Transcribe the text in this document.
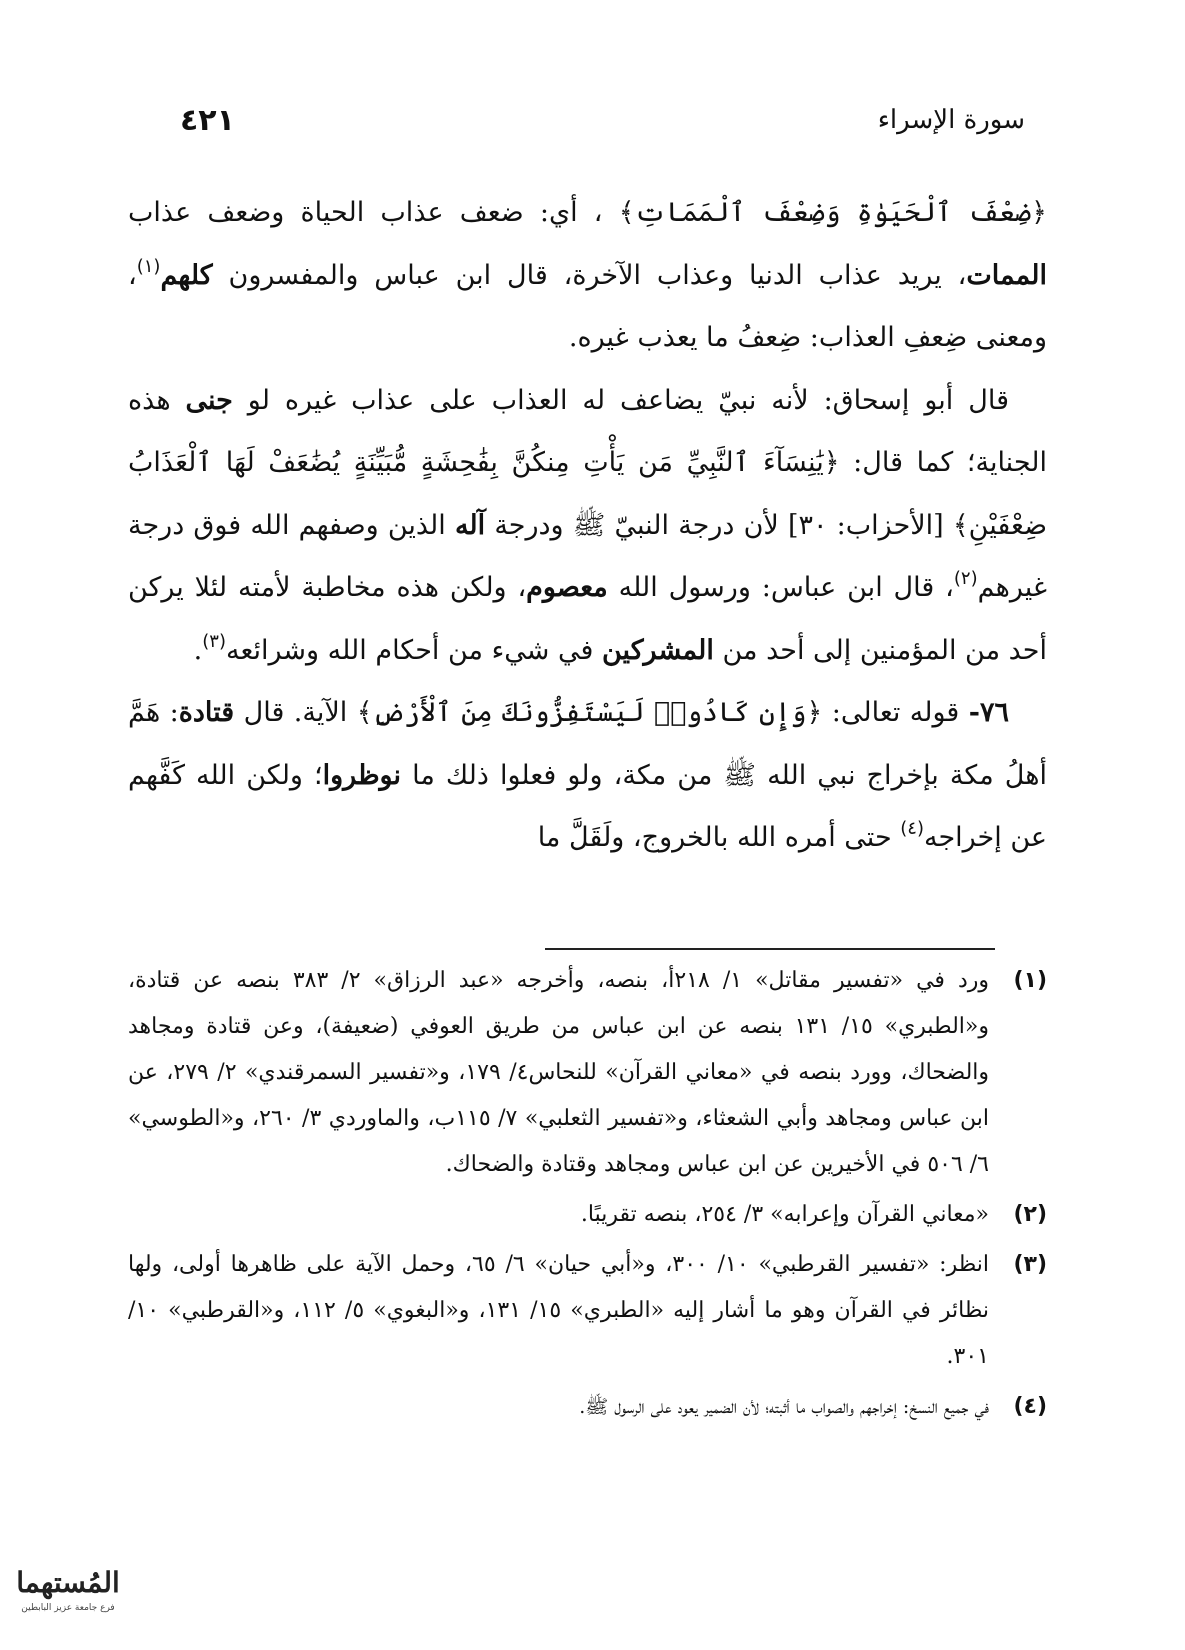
سورة الإسراء
٤٢١

﴿ضِعْفَ ٱلْحَيَوٰةِ وَضِعْفَ ٱلْمَمَاتِ﴾ ، أي: ضعف عذاب الحياة وضعف عذاب الممات، يريد عذاب الدنيا وعذاب الآخرة، قال ابن عباس والمفسرون كلهم$^{(١)}$، ومعنى ضِعفِ العذاب: ضِعفُ ما يعذب غيره.

قال أبو إسحاق: لأنه نبيّ يضاعف له العذاب على عذاب غيره لو جنى هذه الجناية؛ كما قال: ﴿يَٰنِسَآءَ ٱلنَّبِيِّ مَن يَأْتِ مِنكُنَّ بِفَٰحِشَةٍ مُّبَيِّنَةٍ يُضَٰعَفْ لَهَا ٱلْعَذَابُ ضِعْفَيْنِ﴾ [الأحزاب: ٣٠] لأن درجة النبيّ ﷺ ودرجة آله الذين وصفهم الله فوق درجة غيرهم$^{(٢)}$، قال ابن عباس: ورسول الله معصوم، ولكن هذه مخاطبة لأمته لئلا يركن أحد من المؤمنين إلى أحد من المشركين في شيء من أحكام الله وشرائعه$^{(٣)}$.

٧٦- قوله تعالى: ﴿وَإِن كَادُوا۟ لَيَسْتَفِزُّونَكَ مِنَ ٱلْأَرْضِ﴾ الآية. قال قتادة: هَمَّ أهلُ مكة بإخراج نبي الله ﷺ من مكة، ولو فعلوا ذلك ما نوظروا؛ ولكن الله كَفَّهم عن إخراجه$^{(٤)}$ حتى أمره الله بالخروج، ولَقَلَّ ما

(١)
ورد في «تفسير مقاتل» ١/ ٢١٨أ، بنصه، وأخرجه «عبد الرزاق» ٢/ ٣٨٣ بنصه عن قتادة، و«الطبري» ١٥/ ١٣١ بنصه عن ابن عباس من طريق العوفي (ضعيفة)، وعن قتادة ومجاهد والضحاك، وورد بنصه في «معاني القرآن» للنحاس٤/ ١٧٩، و«تفسير السمرقندي» ٢/ ٢٧٩، عن ابن عباس ومجاهد وأبي الشعثاء، و«تفسير الثعلبي» ٧/ ١١٥ب، والماوردي ٣/ ٢٦٠، و«الطوسي» ٦/ ٥٠٦ في الأخيرين عن ابن عباس ومجاهد وقتادة والضحاك.
(٢)
«معاني القرآن وإعرابه» ٣/ ٢٥٤، بنصه تقريبًا.
(٣)
انظر: «تفسير القرطبي» ١٠/ ٣٠٠، و«أبي حيان» ٦/ ٦٥، وحمل الآية على ظاهرها أولى، ولها نظائر في القرآن وهو ما أشار إليه «الطبري» ١٥/ ١٣١، و«البغوي» ٥/ ١١٢، و«القرطبي» ١٠/ ٣٠١.
(٤)
في جميع النسخ: إخراجهم والصواب ما أثبته؛ لأن الضمير يعود على الرسول ﷺ.
المُستهما
فرع جامعة عزيز البابطين
